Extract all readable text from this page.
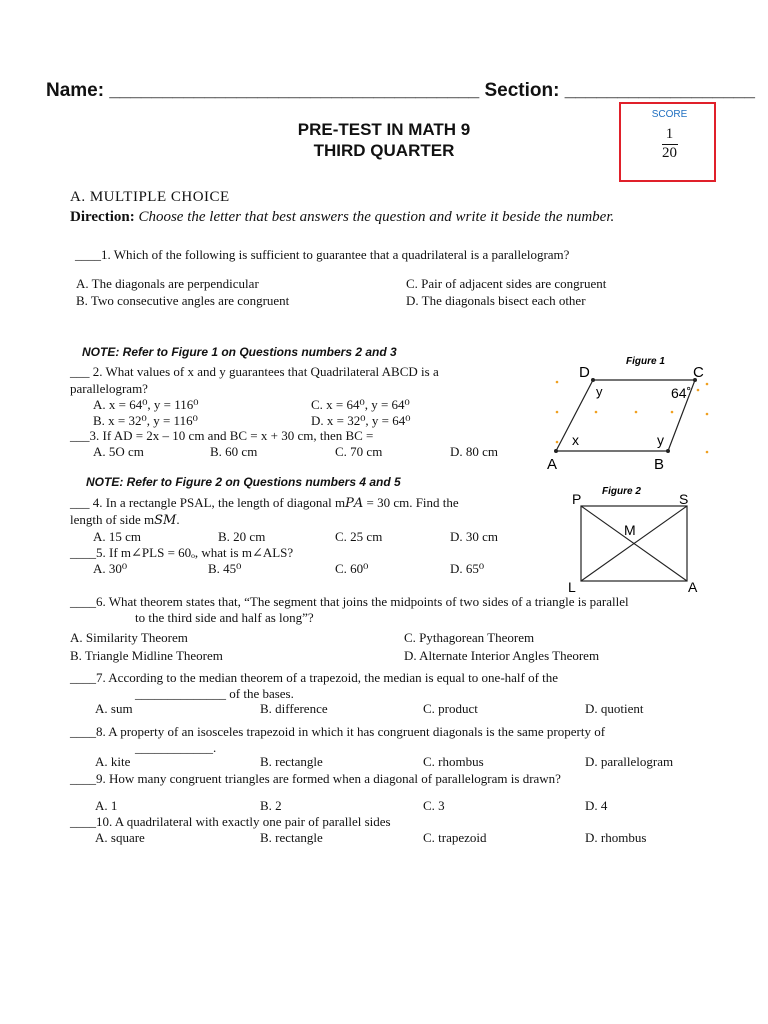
Name: ___________________________________ Section: __________________
PRE-TEST IN MATH 9
THIRD QUARTER
SCORE
1
20
A. MULTIPLE CHOICE
Direction: Choose the letter that best answers the question and write it beside the number.
____1. Which of the following is sufficient to guarantee that a quadrilateral is a parallelogram?
A. The diagonals are perpendicular
B. Two consecutive angles are congruent
C. Pair of adjacent sides are congruent
D. The diagonals bisect each other
NOTE: Refer to Figure 1 on Questions numbers 2 and 3
___ 2. What values of x and y guarantees that Quadrilateral ABCD is a
parallelogram?
A. x = 64⁰, y = 116⁰
B. x = 32⁰, y = 116⁰
C. x = 64⁰, y = 64⁰
D. x = 32⁰, y = 64⁰
___3. If AD = 2x – 10 cm and BC = x + 30 cm, then BC =
A. 5O cm	B. 60 cm	C. 70 cm	D. 80 cm
NOTE: Refer to Figure 2 on Questions numbers 4 and 5
___ 4. In a rectangle PSAL, the length of diagonal m𝑃𝐴 = 30 cm. Find the
length of side m𝑆𝑀.
A. 15 cm	B. 20 cm	C. 25 cm	D. 30 cm
____5. If m∠PLS = 60ₒ, what is m∠ALS?
A. 30⁰	B. 45⁰	C. 60⁰	D. 65⁰
____6. What theorem states that, “The segment that joins the midpoints of two sides of a triangle is parallel
to the third side and half as long”?
A. Similarity Theorem
B. Triangle Midline Theorem
C. Pythagorean Theorem
D. Alternate Interior Angles Theorem
____7. According to the median theorem of a trapezoid, the median is equal to one-half of the
______________ of the bases.
A. sum	B. difference	C. product	D. quotient
____8. A property of an isosceles trapezoid in which it has congruent diagonals is the same property of
____________.
A. kite	B. rectangle	C. rhombus	D. parallelogram
____9. How many congruent triangles are formed when a diagonal of parallelogram is drawn?
A. 1	B. 2	C. 3	D. 4
____10. A quadrilateral with exactly one pair of parallel sides
A. square	B. rectangle	C. trapezoid	D. rhombus
Figure 1
D	C
A	B
y	64˚
x	y
Figure 2
P	S
L	A
M
